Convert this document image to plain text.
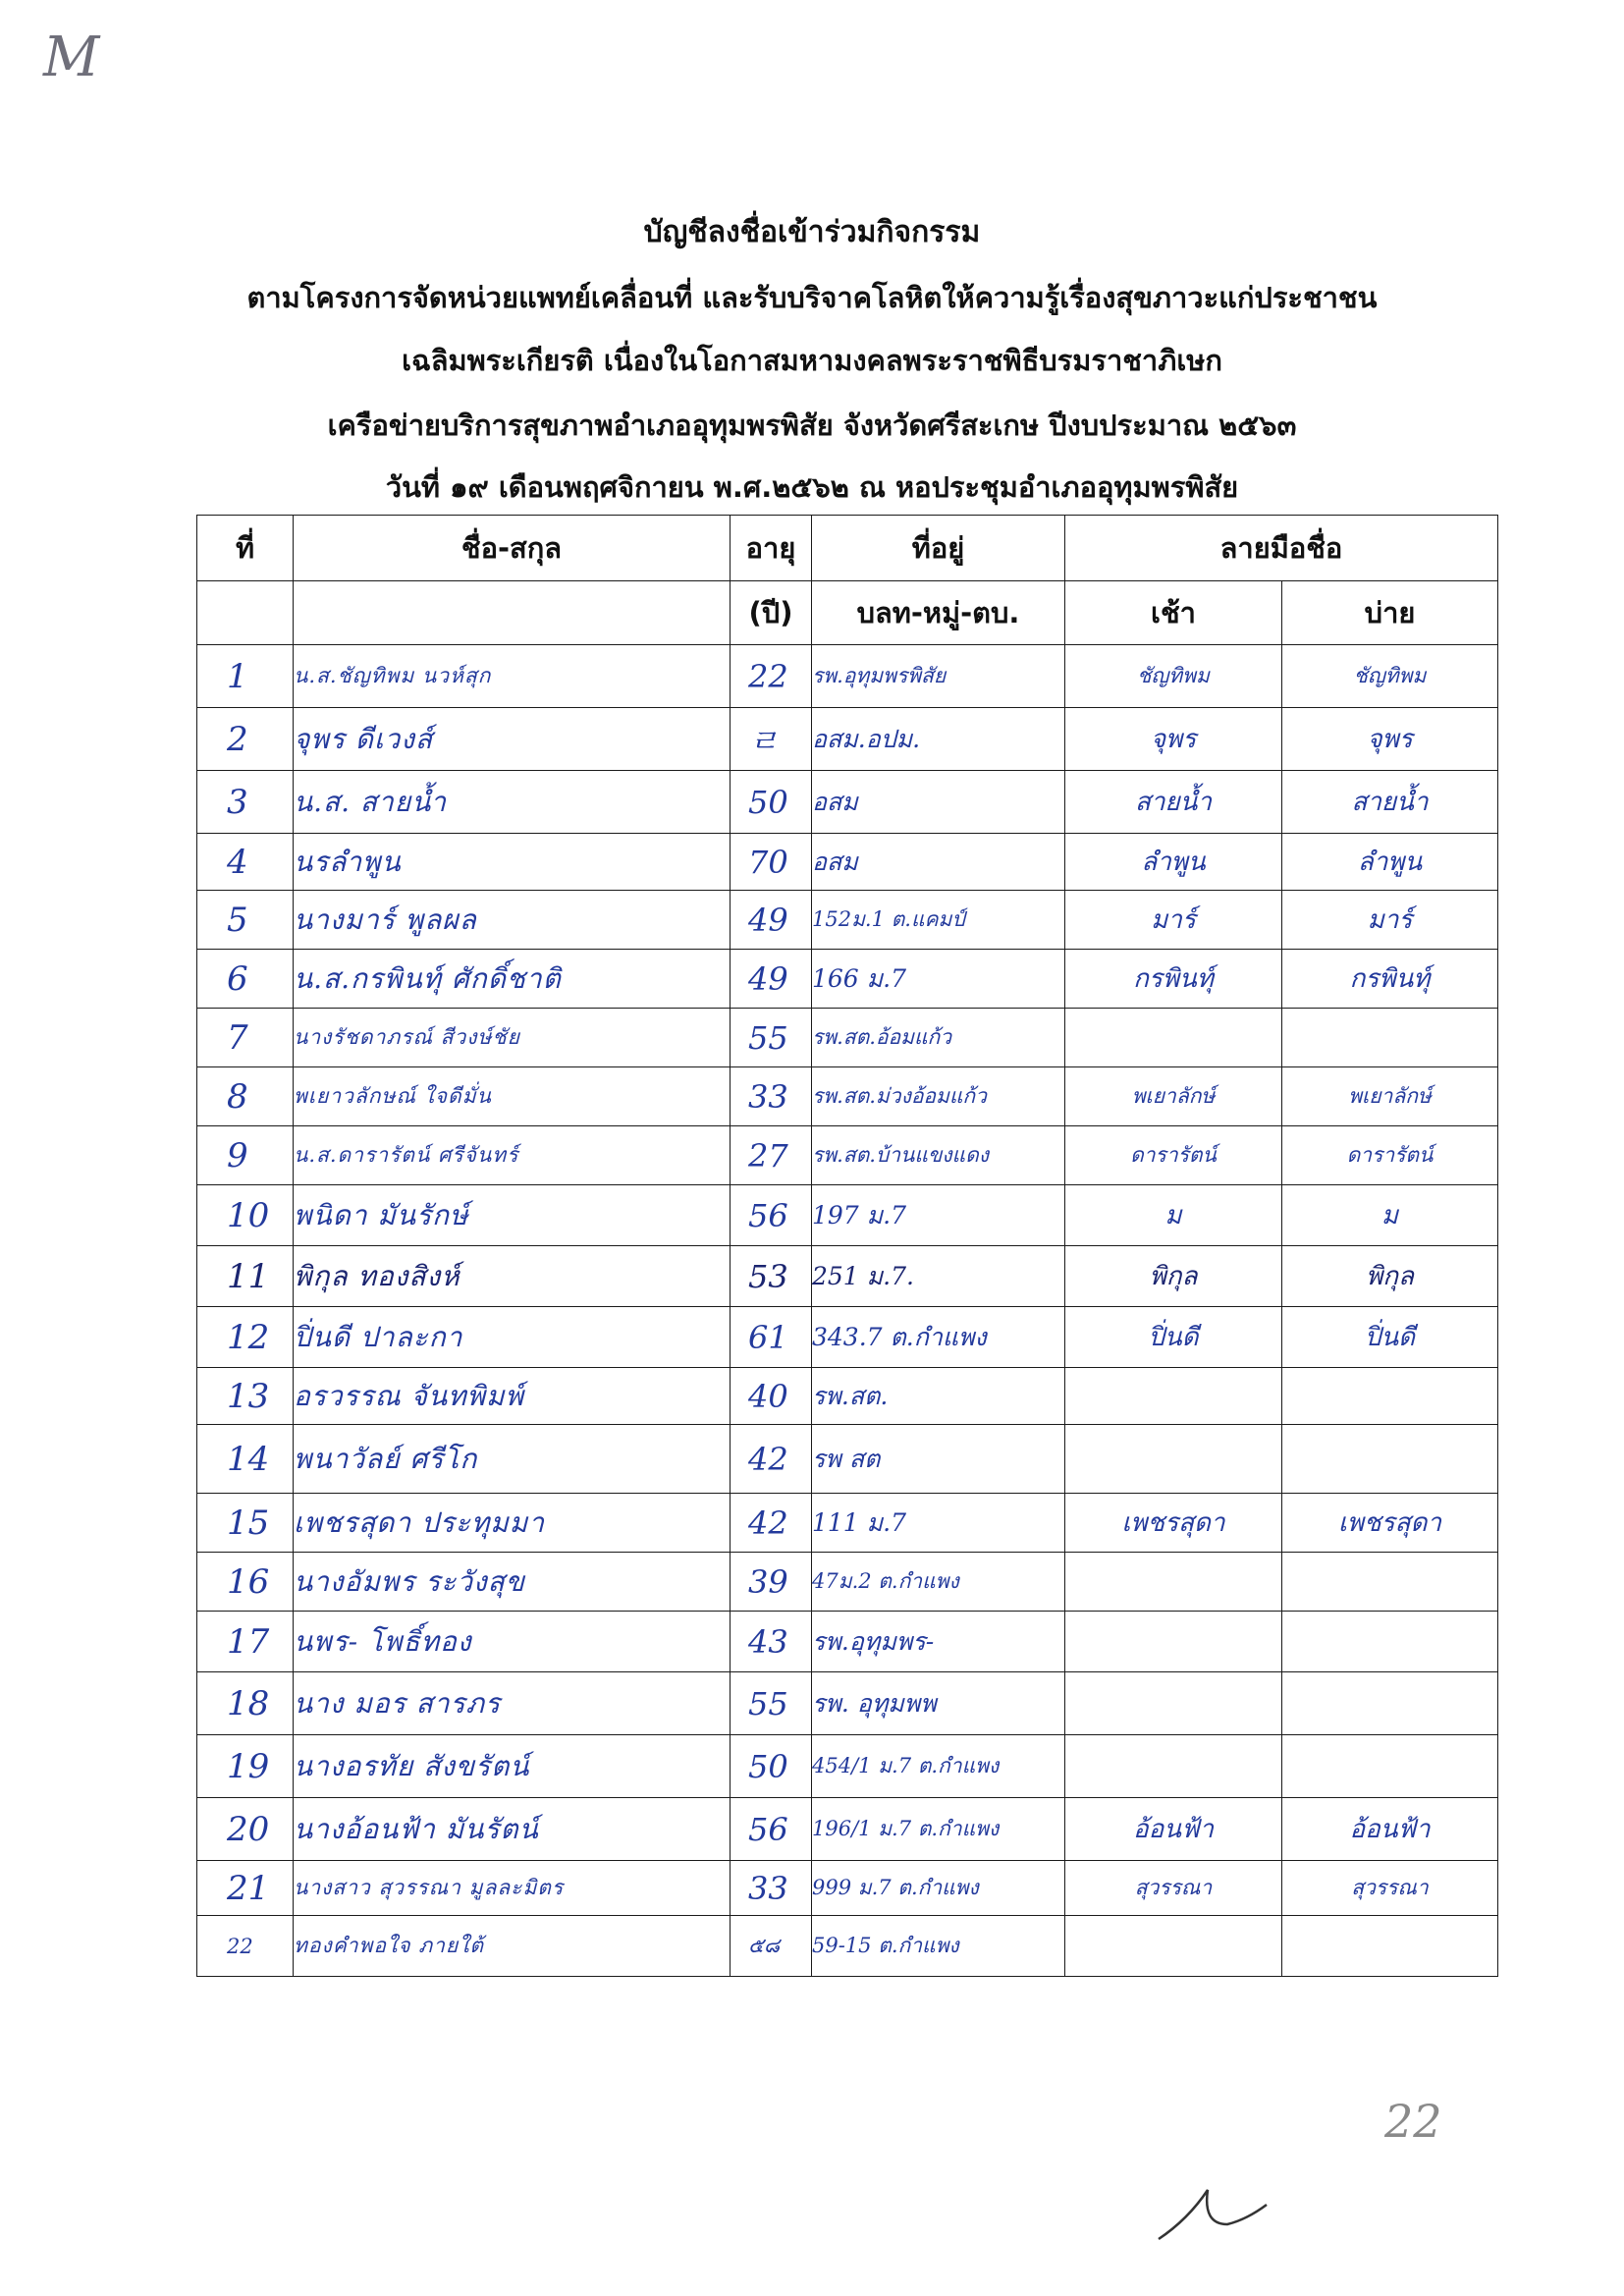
M
บัญชีลงชื่อเข้าร่วมกิจกรรม
ตามโครงการจัดหน่วยแพทย์เคลื่อนที่ และรับบริจาคโลหิตให้ความรู้เรื่องสุขภาวะแก่ประชาชน
เฉลิมพระเกียรติ เนื่องในโอกาสมหามงคลพระราชพิธีบรมราชาภิเษก
เครือข่ายบริการสุขภาพอำเภออุทุมพรพิสัย จังหวัดศรีสะเกษ ปีงบประมาณ ๒๕๖๓
วันที่ ๑๙ เดือนพฤศจิกายน พ.ศ.๒๕๖๒ ณ หอประชุมอำเภออุทุมพรพิสัย
ที่	ชื่อ-สกุล	อายุ	ที่อยู่	ลายมือชื่อ	
		(ปี)	บลท-หมู่-ตบ.	เช้า	บ่าย
1	น.ส.ชัญทิพม นวห์สุก	22	รพ.อุทุมพรพิสัย	ชัญทิพม	ชัญทิพม
2	จุพร ดีเวงส์	ㄹ	อสม.อปม.	จุพร	จุพร
3	น.ส. สายน้ำ	50	อสม	สายน้ำ	สายน้ำ
4	นรลำพูน	70	อสม	ลำพูน	ลำพูน
5	นางมาร์ พูลผล	49	152ม.1 ต.แคมป์	มาร์	มาร์
6	น.ส.กรพินทุ์ ศักดิ์ชาติ	49	166 ม.7	กรพินทุ์	กรพินทุ์
7	นางรัชดาภรณ์ สีวงษ์ชัย	55	รพ.สต.อ้อมแก้ว		
8	พเยาวลักษณ์ ใจดีมั่น	33	รพ.สต.ม่วงอ้อมแก้ว	พเยาลักษ์	พเยาลักษ์
9	น.ส.ดารารัตน์ ศรีจันทร์	27	รพ.สต.บ้านแขงแดง	ดารารัตน์	ดารารัตน์
10	พนิดา มันรักษ์	56	197 ม.7	ม	ม
11	พิกุล ทองสิงห์	53	251 ม.7.	พิกุล	พิกุล
12	ปิ่นดี ปาละกา	61	343.7 ต.กำแพง	ปิ่นดี	ปิ่นดี
13	อรวรรณ จันทพิมพ์	40	รพ.สต.		
14	พนาวัลย์ ศรีโก	42	รพ สต		
15	เพชรสุดา ประทุมมา	42	111 ม.7	เพชรสุดา	เพชรสุดา
16	นางอัมพร ระวังสุข	39	47ม.2 ต.กำแพง		
17	นพร- โพธิ์ทอง	43	รพ.อุทุมพร-		
18	นาง มอร สารภร	55	รพ. อุทุมพพ		
19	นางอรทัย สังขรัตน์	50	454/1 ม.7 ต.กำแพง		
20	นางอ้อนฟ้า มันรัตน์	56	196/1 ม.7 ต.กำแพง	อ้อนฟ้า	อ้อนฟ้า
21	นางสาว สุวรรณา มูลละมิตร	33	999 ม.7 ต.กำแพง	สุวรรณา	สุวรรณา
22	ทองคำพอใจ ภายใต้	๕๘	59-15 ต.กำแพง		
22
